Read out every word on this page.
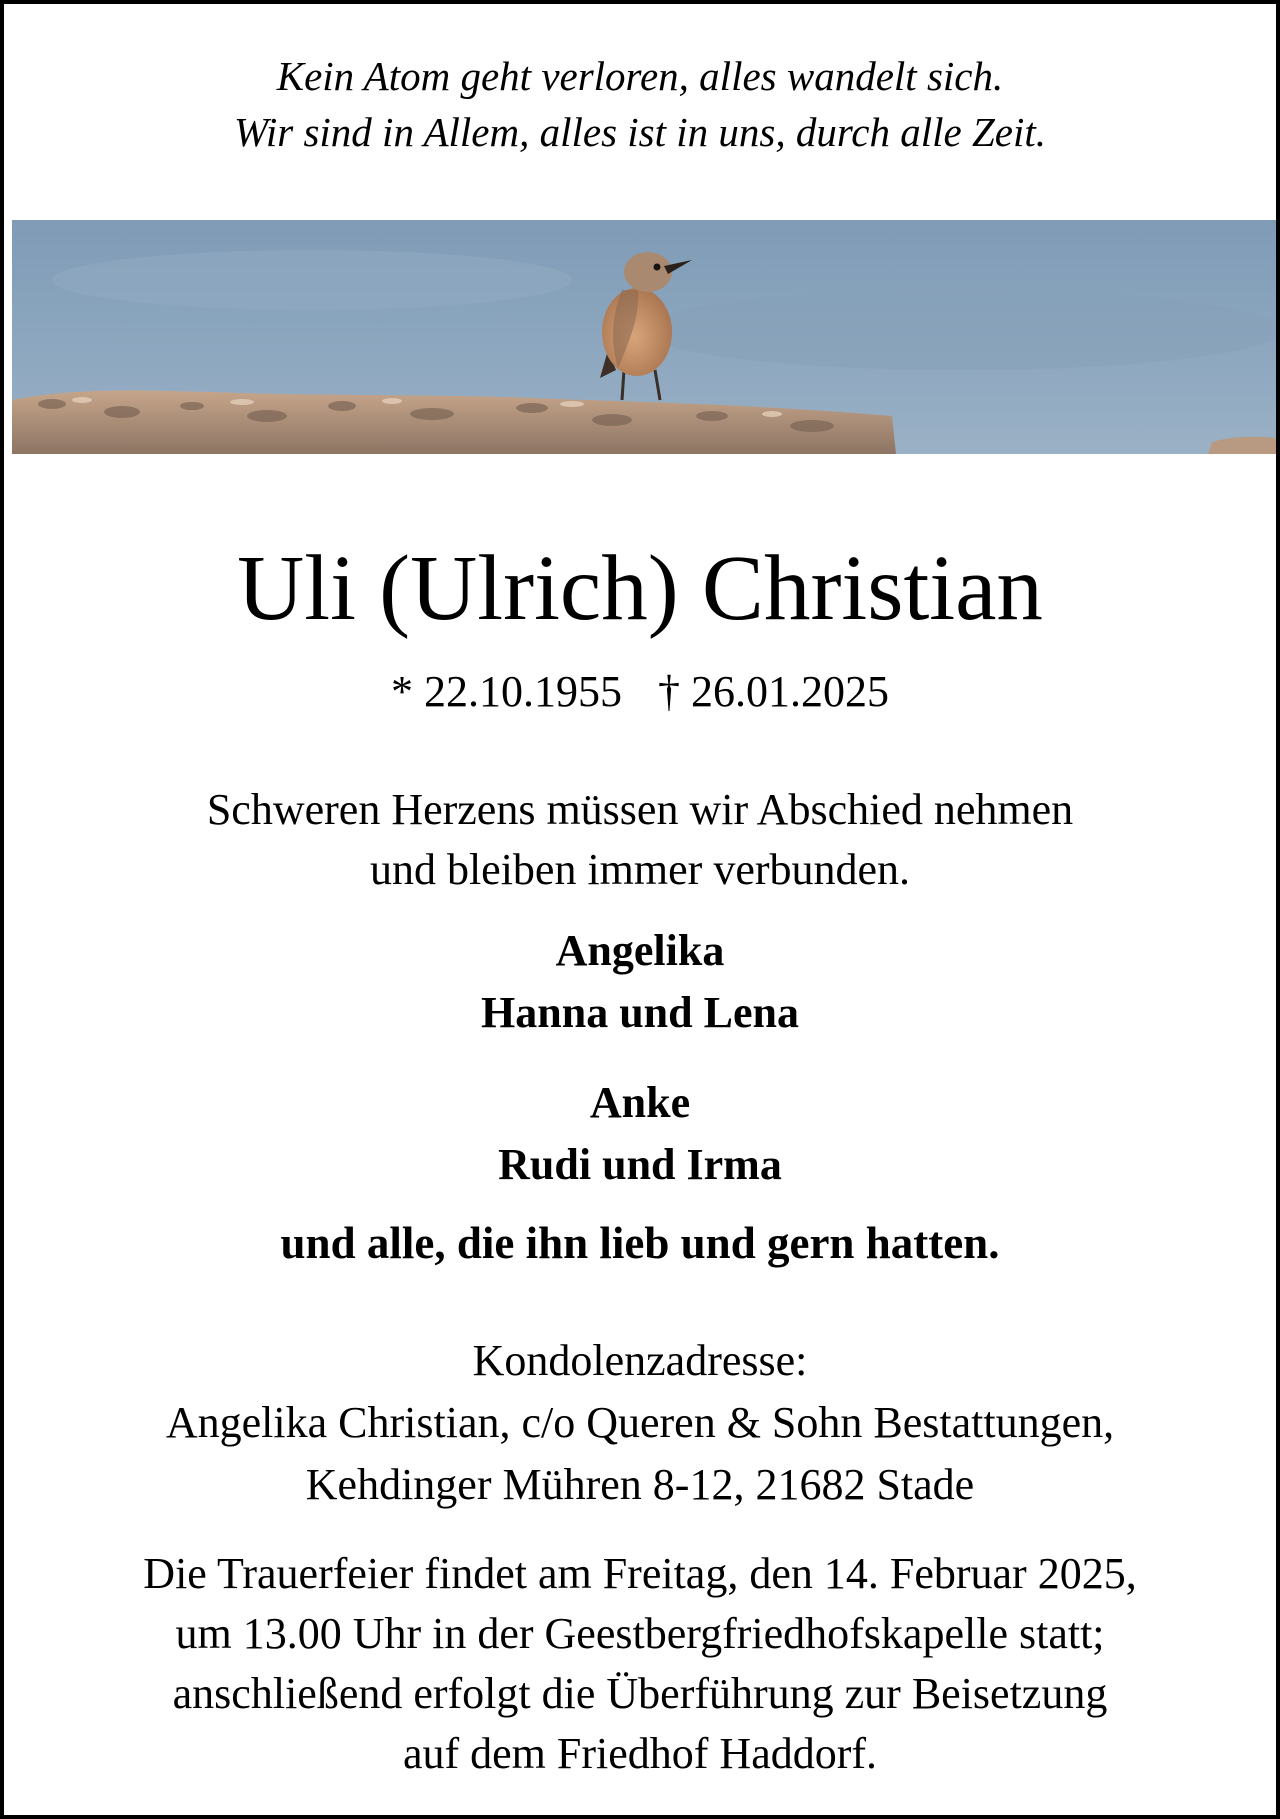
Kein Atom geht verloren, alles wandelt sich.
Wir sind in Allem, alles ist in uns, durch alle Zeit.
Uli (Ulrich) Christian
* 22.10.1955 † 26.01.2025
Schweren Herzens müssen wir Abschied nehmen
und bleiben immer verbunden.
Angelika
Hanna und Lena
Anke
Rudi und Irma
und alle, die ihn lieb und gern hatten.
Kondolenzadresse:
Angelika Christian, c/o Queren & Sohn Bestattungen,
Kehdinger Mühren 8-12, 21682 Stade
Die Trauerfeier findet am Freitag, den 14. Februar 2025,
um 13.00 Uhr in der Geestbergfriedhofskapelle statt;
anschließend erfolgt die Überführung zur Beisetzung
auf dem Friedhof Haddorf.
